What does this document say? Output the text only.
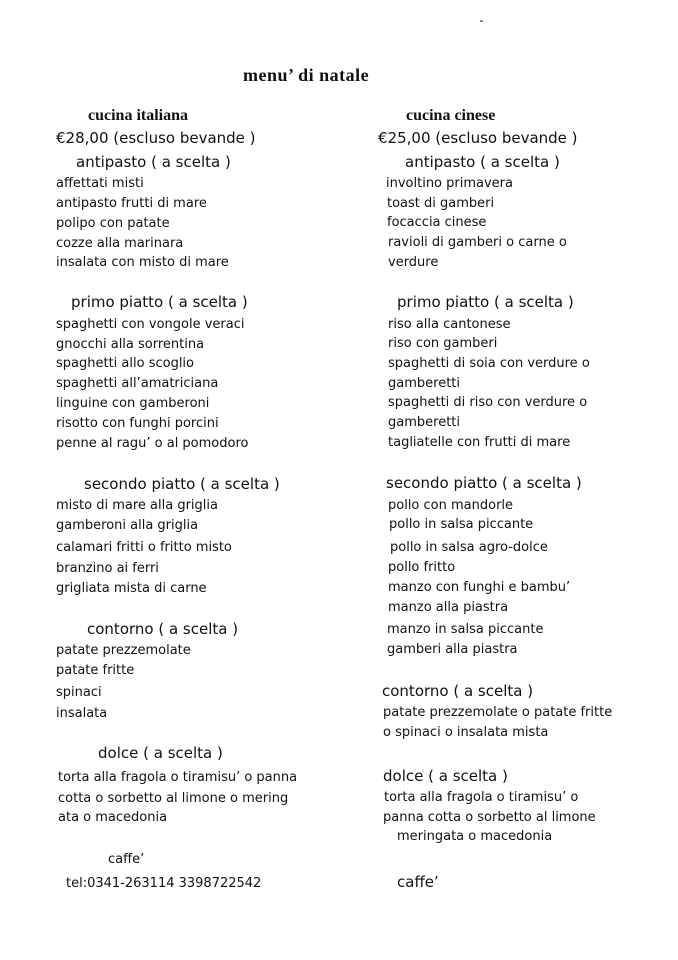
menu’ di natale
cucina italiana
€28,00 (escluso bevande )
antipasto ( a scelta )
affettati misti
antipasto frutti di mare
polipo con patate
cozze alla marinara
insalata con misto di mare
primo piatto ( a scelta )
spaghetti con vongole veraci
gnocchi alla sorrentina
spaghetti allo scoglio
spaghetti all’amatriciana
linguine con gamberoni
risotto con funghi porcini
penne al ragu’ o al pomodoro
secondo piatto ( a scelta )
misto di mare alla griglia
gamberoni alla griglia
calamari fritti o fritto misto
branzino ai ferri
grigliata mista di carne
contorno ( a scelta )
patate prezzemolate
patate fritte
spinaci
insalata
dolce ( a scelta )
torta alla fragola o tiramisu’ o panna
cotta o sorbetto al limone o mering
ata o macedonia
caffe’
tel:0341-263114 3398722542
cucina cinese
€25,00 (escluso bevande )
antipasto ( a scelta )
involtino primavera
toast di gamberi
focaccia cinese
ravioli di gamberi o carne o
verdure
primo piatto ( a scelta )
riso alla cantonese
riso con gamberi
spaghetti di soia con verdure o
gamberetti
spaghetti di riso con verdure o
gamberetti
tagliatelle con frutti di mare
secondo piatto ( a scelta )
pollo con mandorle
pollo in salsa piccante
pollo in salsa agro-dolce
pollo fritto
manzo con funghi e bambu’
manzo alla piastra
manzo in salsa piccante
gamberi alla piastra
contorno ( a scelta )
patate prezzemolate o patate fritte
o spinaci o insalata mista
dolce ( a scelta )
torta alla fragola o tiramisu’ o
panna cotta o sorbetto al limone
meringata o macedonia
caffe’
